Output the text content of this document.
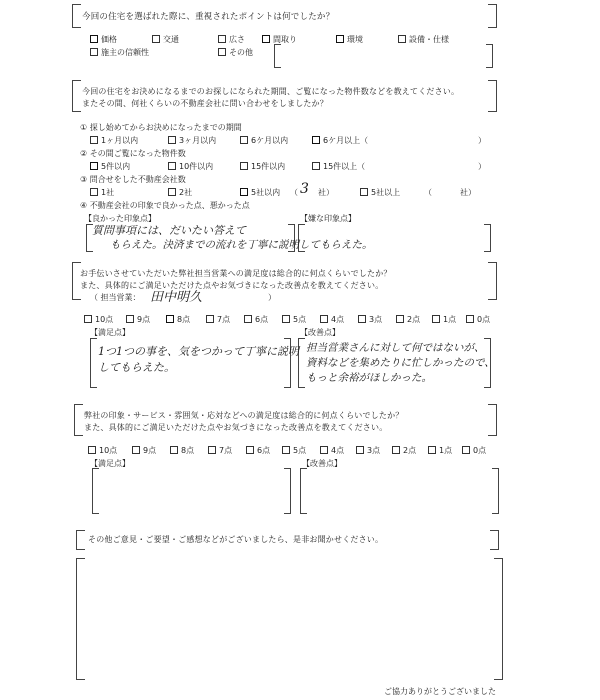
今回の住宅を選ばれた際に、重視されたポイントは何でしたか？
価格	交通	広さ	間取り	環境	設備・仕様
施主の信頼性	その他
今回の住宅をお決めになるまでのお探しになられた期間、ご覧になった物件数などを教えてください。
またその間、何社くらいの不動産会社に問い合わせをしましたか？
① 探し始めてからお決めになったまでの期間
1ヶ月以内	3ヶ月以内	6ケ月以内	6ケ月以上（	）
② その間ご覧になった物件数
5件以内	10件以内	15件以内	15件以上（	）
③ 問合せをした不動産会社数
1社	2社	5社以内 （ 3 社）	5社以上	（	社）
④ 不動産会社の印象で良かった点、悪かった点
【良かった印象点】	【嫌な印象点】
質問事項には、だいたい答えて
もらえた。決済までの流れを丁寧に説明してもらえた。
お手伝いさせていただいた弊社担当営業への満足度は総合的に何点くらいでしたか？
また、具体的にご満足いただけた点やお気づきになった改善点を教えてください。
（ 担当営業： 田中明久	）
10点	9点	8点	7点	6点	5点	4点	3点	2点	1点	0点
【満足点】	【改善点】
1つ1つの事を、気をつかって丁寧に説明
してもらえた。
担当営業さんに対して何ではないが、
資料などを集めたりに忙しかったので、
もっと余裕がほしかった。
弊社の印象・サービス・雰囲気・応対などへの満足度は総合的に何点くらいでしたか？
また、具体的にご満足いただけた点やお気づきになった改善点を教えてください。
10点	9点	8点	7点	6点	5点	4点	3点	2点	1点	0点
【満足点】	【改善点】
その他ご意見・ご要望・ご感想などがございましたら、是非お聞かせください。
ご協力ありがとうございました
